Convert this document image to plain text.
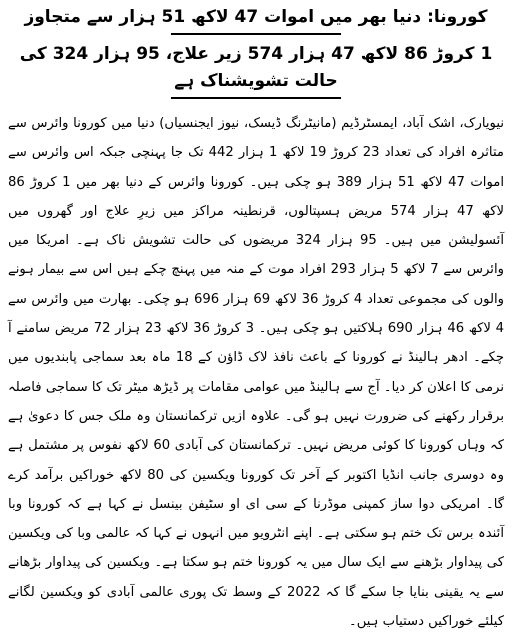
کورونا: دنیا بھر میں اموات 47 لاکھ 51 ہزار سے متجاوز
1 کروڑ 86 لاکھ 47 ہزار 574 زیر علاج، 95 ہزار 324 کی حالت تشویشناک ہے

نیویارک، اشک آباد، ایمسٹرڈیم (مانیٹرنگ ڈیسک، نیوز ایجنسیاں) دنیا میں کورونا وائرس سے متاثرہ افراد کی تعداد 23 کروڑ 19 لاکھ 1 ہزار 442 تک جا پہنچی جبکہ اس وائرس سے اموات 47 لاکھ 51 ہزار 389 ہو چکی ہیں۔ کورونا وائرس کے دنیا بھر میں 1 کروڑ 86 لاکھ 47 ہزار 574 مریض ہسپتالوں، قرنطینہ مراکز میں زیرِ علاج اور گھروں میں آئسولیشن میں ہیں۔ 95 ہزار 324 مریضوں کی حالت تشویش ناک ہے۔ امریکا میں وائرس سے 7 لاکھ 5 ہزار 293 افراد موت کے منہ میں پہنچ چکے ہیں اس سے بیمار ہونے والوں کی مجموعی تعداد 4 کروڑ 36 لاکھ 69 ہزار 696 ہو چکی۔ بھارت میں وائرس سے 4 لاکھ 46 ہزار 690 ہلاکتیں ہو چکی ہیں۔ 3 کروڑ 36 لاکھ 23 ہزار 72 مریض سامنے آ چکے۔ ادھر ہالینڈ نے کورونا کے باعث نافذ لاک ڈاؤن کے 18 ماہ بعد سماجی پابندیوں میں نرمی کا اعلان کر دیا۔ آج سے ہالینڈ میں عوامی مقامات پر ڈیڑھ میٹر تک کا سماجی فاصلہ برقرار رکھنے کی ضرورت نہیں ہو گی۔ علاوہ ازیں ترکمانستان وہ ملک جس کا دعویٰ ہے کہ وہاں کورونا کا کوئی مریض نہیں۔ ترکمانستان کی آبادی 60 لاکھ نفوس پر مشتمل ہے وہ دوسری جانب انڈیا اکتوبر کے آخر تک کورونا ویکسین کی 80 لاکھ خوراکیں برآمد کرے گا۔ امریکی دوا ساز کمپنی موڈرنا کے سی ای او سٹیفن بینسل نے کہا ہے کہ کورونا وبا آئندہ برس تک ختم ہو سکتی ہے۔ اپنے انٹرویو میں انہوں نے کہا کہ عالمی وبا کی ویکسین کی پیداوار بڑھنے سے ایک سال میں یہ کورونا ختم ہو سکتا ہے۔ ویکسین کی پیداوار بڑھانے سے یہ یقینی بنایا جا سکے گا کہ 2022 کے وسط تک پوری عالمی آبادی کو ویکسین لگانے کیلئے خوراکیں دستیاب ہیں۔
